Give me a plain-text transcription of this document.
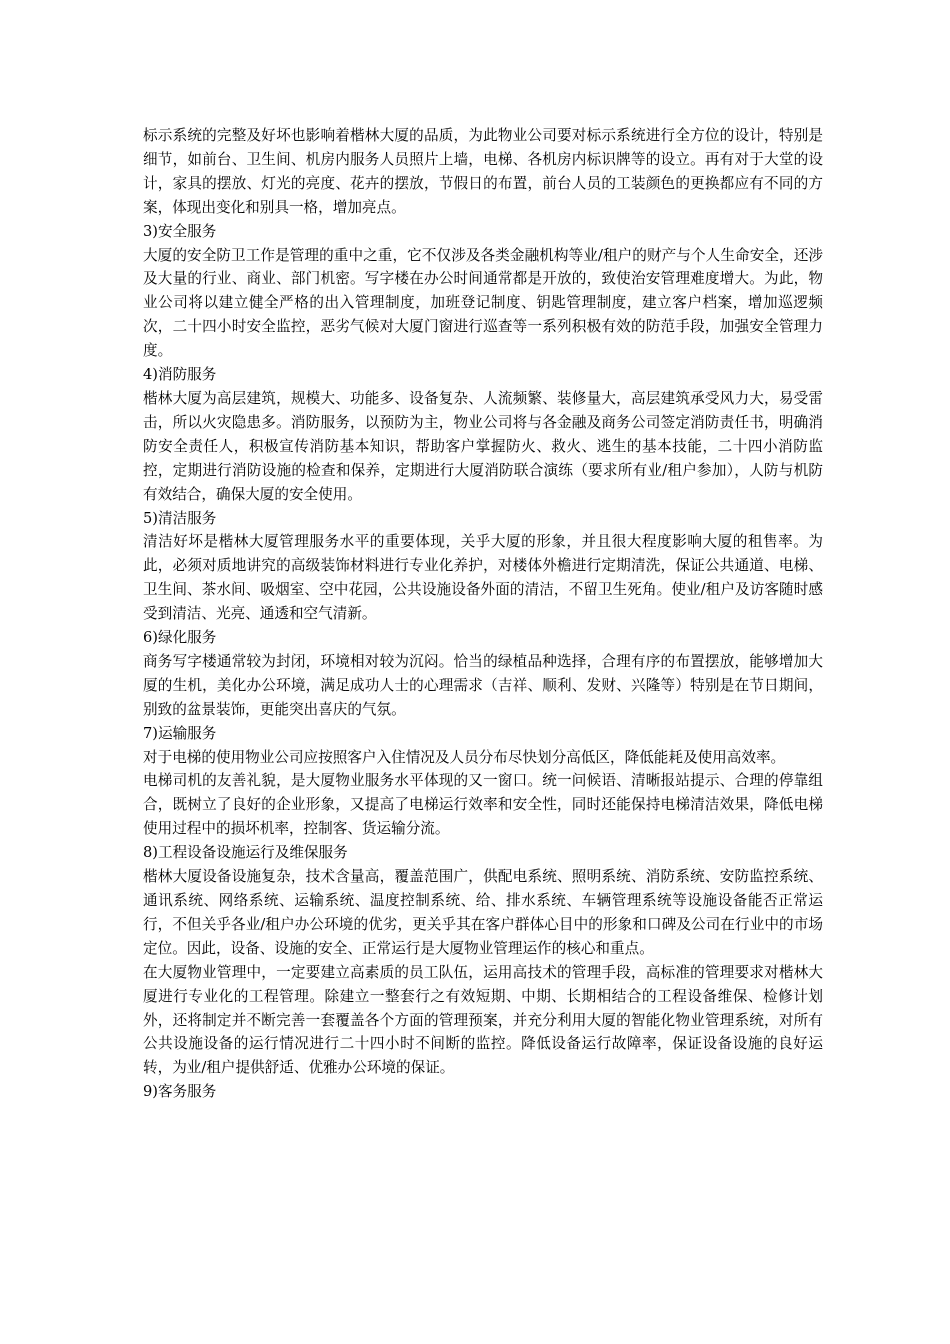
标示系统的完整及好坏也影响着楷林大厦的品质，为此物业公司要对标示系统进行全方位的设计，特别是细节，如前台、卫生间、机房内服务人员照片上墙，电梯、各机房内标识牌等的设立。再有对于大堂的设计，家具的摆放、灯光的亮度、花卉的摆放，节假日的布置，前台人员的工装颜色的更换都应有不同的方案，体现出变化和别具一格，增加亮点。

3)安全服务

大厦的安全防卫工作是管理的重中之重，它不仅涉及各类金融机构等业/租户的财产与个人生命安全，还涉及大量的行业、商业、部门机密。写字楼在办公时间通常都是开放的，致使治安管理难度增大。为此，物业公司将以建立健全严格的出入管理制度，加班登记制度、钥匙管理制度，建立客户档案，增加巡逻频次，二十四小时安全监控，恶劣气候对大厦门窗进行巡查等一系列积极有效的防范手段，加强安全管理力度。

4)消防服务

楷林大厦为高层建筑，规模大、功能多、设备复杂、人流频繁、装修量大，高层建筑承受风力大，易受雷击，所以火灾隐患多。消防服务，以预防为主，物业公司将与各金融及商务公司签定消防责任书，明确消防安全责任人，积极宣传消防基本知识，帮助客户掌握防火、救火、逃生的基本技能，二十四小消防监控，定期进行消防设施的检查和保养，定期进行大厦消防联合演练（要求所有业/租户参加），人防与机防有效结合，确保大厦的安全使用。

5)清洁服务

清洁好坏是楷林大厦管理服务水平的重要体现，关乎大厦的形象，并且很大程度影响大厦的租售率。为此，必须对质地讲究的高级装饰材料进行专业化养护，对楼体外檐进行定期清洗，保证公共通道、电梯、卫生间、茶水间、吸烟室、空中花园，公共设施设备外面的清洁，不留卫生死角。使业/租户及访客随时感受到清洁、光亮、通透和空气清新。

6)绿化服务

商务写字楼通常较为封闭，环境相对较为沉闷。恰当的绿植品种选择，合理有序的布置摆放，能够增加大厦的生机，美化办公环境，满足成功人士的心理需求（吉祥、顺利、发财、兴隆等）特别是在节日期间，别致的盆景装饰，更能突出喜庆的气氛。

7)运输服务

对于电梯的使用物业公司应按照客户入住情况及人员分布尽快划分高低区，降低能耗及使用高效率。

电梯司机的友善礼貌，是大厦物业服务水平体现的又一窗口。统一问候语、清晰报站提示、合理的停靠组合，既树立了良好的企业形象，又提高了电梯运行效率和安全性，同时还能保持电梯清洁效果，降低电梯使用过程中的损坏机率，控制客、货运输分流。

8)工程设备设施运行及维保服务

楷林大厦设备设施复杂，技术含量高，覆盖范围广，供配电系统、照明系统、消防系统、安防监控系统、通讯系统、网络系统、运输系统、温度控制系统、给、排水系统、车辆管理系统等设施设备能否正常运行，不但关乎各业/租户办公环境的优劣，更关乎其在客户群体心目中的形象和口碑及公司在行业中的市场定位。因此，设备、设施的安全、正常运行是大厦物业管理运作的核心和重点。

在大厦物业管理中，一定要建立高素质的员工队伍，运用高技术的管理手段，高标准的管理要求对楷林大厦进行专业化的工程管理。除建立一整套行之有效短期、中期、长期相结合的工程设备维保、检修计划外，还将制定并不断完善一套覆盖各个方面的管理预案，并充分利用大厦的智能化物业管理系统，对所有公共设施设备的运行情况进行二十四小时不间断的监控。降低设备运行故障率，保证设备设施的良好运转，为业/租户提供舒适、优雅办公环境的保证。

9)客务服务
